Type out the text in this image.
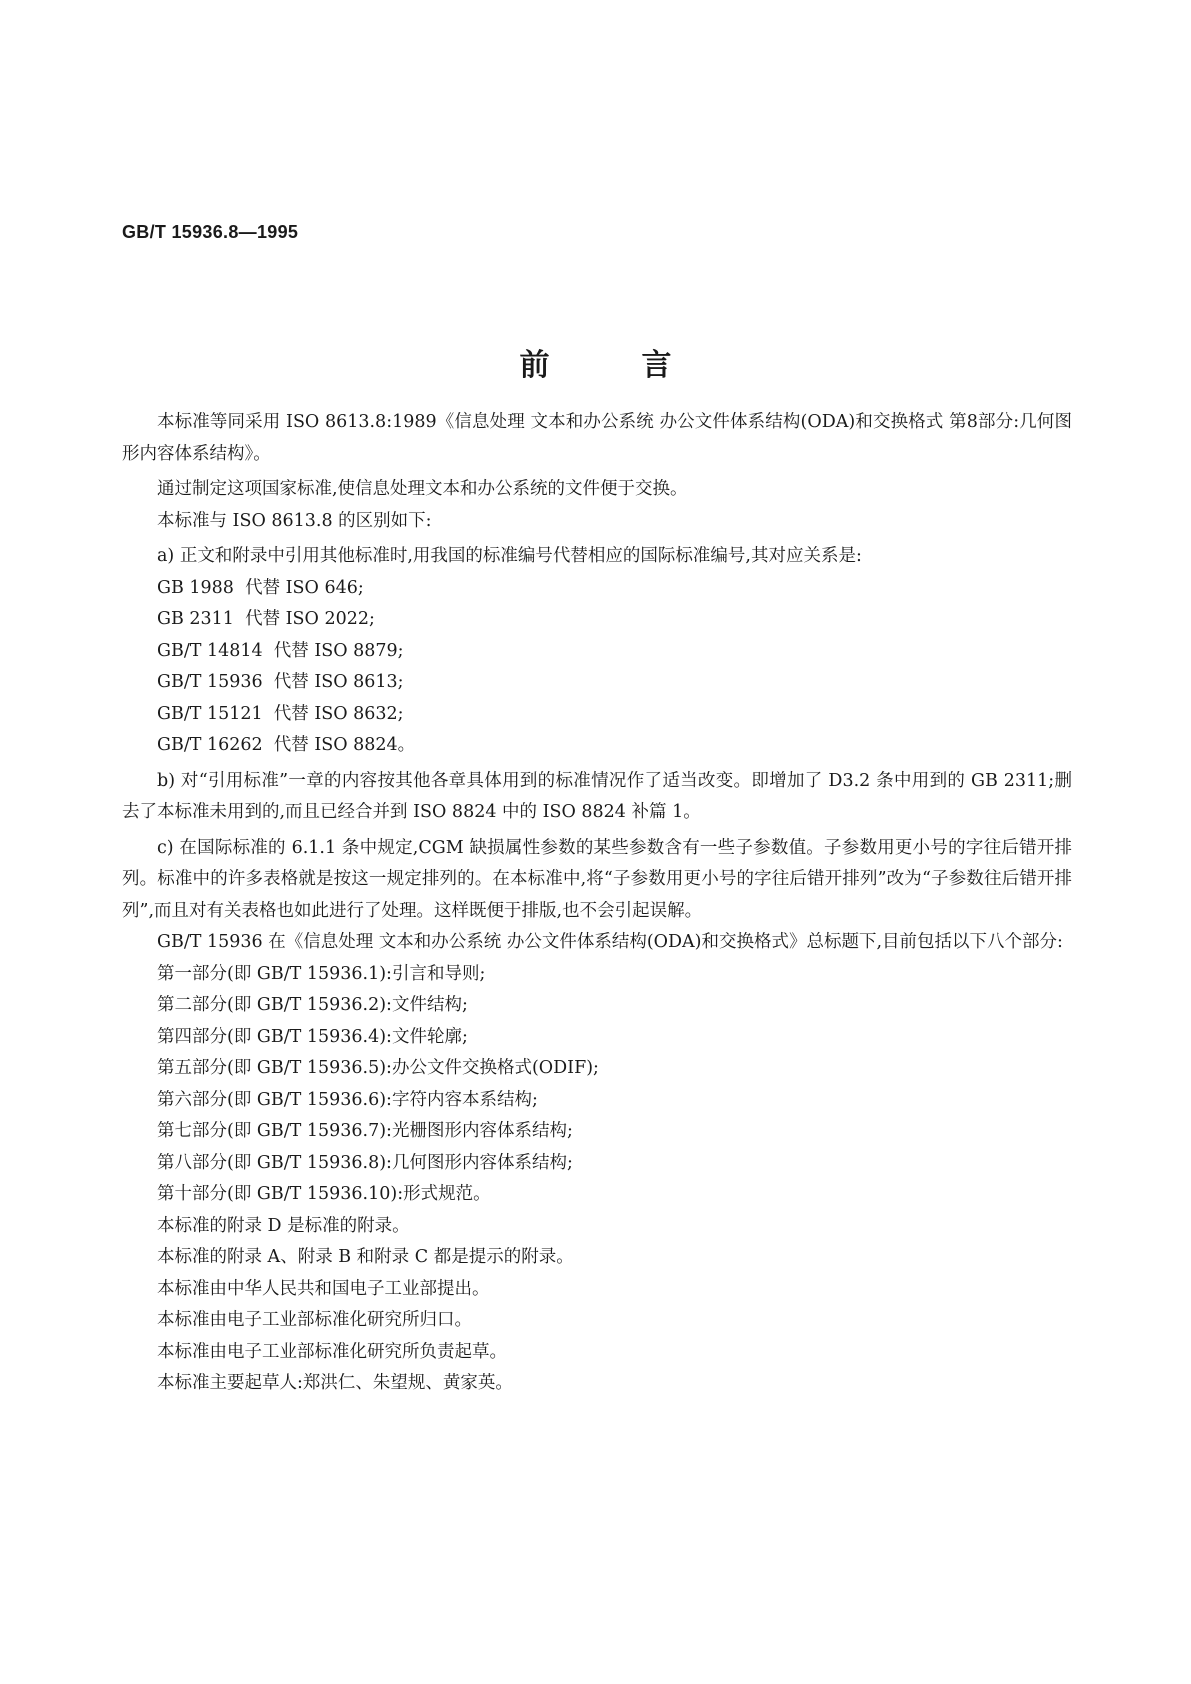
GB/T 15936.8—1995
前言

本标准等同采用 ISO 8613.8:1989《信息处理 文本和办公系统 办公文件体系结构(ODA)和交换格式 第8部分:几何图形内容体系结构》。

通过制定这项国家标准,使信息处理文本和办公系统的文件便于交换。

本标准与 ISO 8613.8 的区别如下:

a) 正文和附录中引用其他标准时,用我国的标准编号代替相应的国际标准编号,其对应关系是:

GB 1988  代替 ISO 646;

GB 2311  代替 ISO 2022;

GB/T 14814  代替 ISO 8879;

GB/T 15936  代替 ISO 8613;

GB/T 15121  代替 ISO 8632;

GB/T 16262  代替 ISO 8824。

b) 对“引用标准”一章的内容按其他各章具体用到的标准情况作了适当改变。即增加了 D3.2 条中用到的 GB 2311;删去了本标准未用到的,而且已经合并到 ISO 8824 中的 ISO 8824 补篇 1。

c) 在国际标准的 6.1.1 条中规定,CGM 缺损属性参数的某些参数含有一些子参数值。子参数用更小号的字往后错开排列。标准中的许多表格就是按这一规定排列的。在本标准中,将“子参数用更小号的字往后错开排列”改为“子参数往后错开排列”,而且对有关表格也如此进行了处理。这样既便于排版,也不会引起误解。

GB/T 15936 在《信息处理 文本和办公系统 办公文件体系结构(ODA)和交换格式》总标题下,目前包括以下八个部分:

第一部分(即 GB/T 15936.1):引言和导则;

第二部分(即 GB/T 15936.2):文件结构;

第四部分(即 GB/T 15936.4):文件轮廓;

第五部分(即 GB/T 15936.5):办公文件交换格式(ODIF);

第六部分(即 GB/T 15936.6):字符内容本系结构;

第七部分(即 GB/T 15936.7):光栅图形内容体系结构;

第八部分(即 GB/T 15936.8):几何图形内容体系结构;

第十部分(即 GB/T 15936.10):形式规范。

本标准的附录 D 是标准的附录。

本标准的附录 A、附录 B 和附录 C 都是提示的附录。

本标准由中华人民共和国电子工业部提出。

本标准由电子工业部标准化研究所归口。

本标准由电子工业部标准化研究所负责起草。

本标准主要起草人:郑洪仁、朱望规、黄家英。
